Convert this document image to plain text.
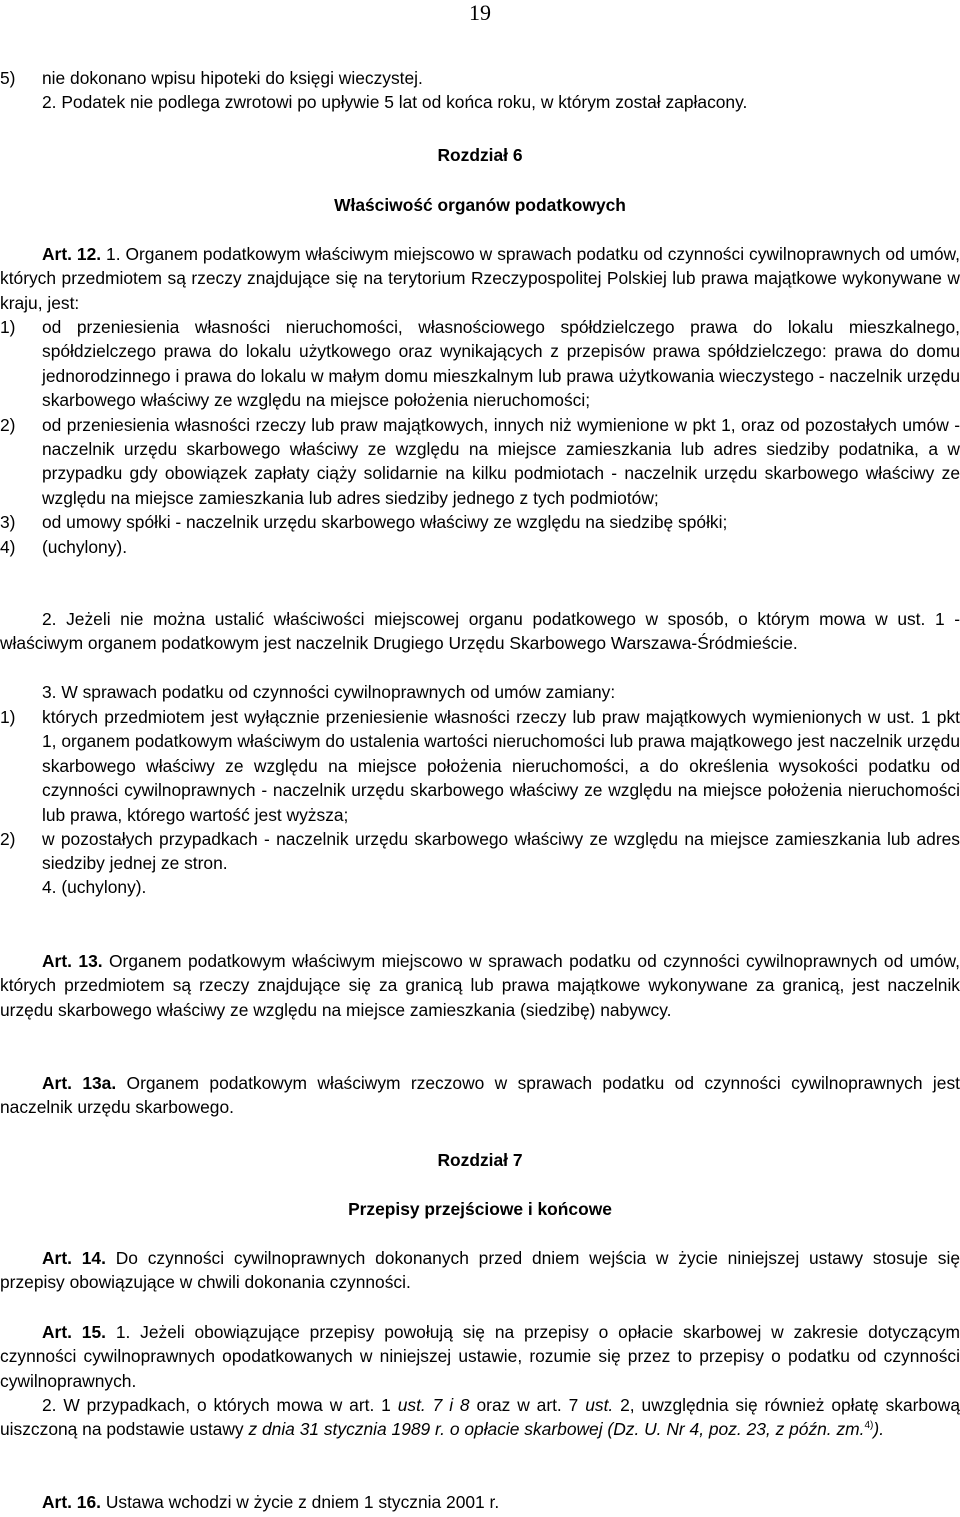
19

5) nie dokonano wpisu hipoteki do księgi wieczystej.

2. Podatek nie podlega zwrotowi po upływie 5 lat od końca roku, w którym został zapłacony.

Rozdział 6

Właściwość organów podatkowych

Art. 12. 1. Organem podatkowym właściwym miejscowo w sprawach podatku od czynności cywilnoprawnych od umów, których przedmiotem są rzeczy znajdujące się na terytorium Rzeczypospolitej Polskiej lub prawa majątkowe wykonywane w kraju, jest:

1) od przeniesienia własności nieruchomości, własnościowego spółdzielczego prawa do lokalu mieszkalnego, spółdzielczego prawa do lokalu użytkowego oraz wynikających z przepisów prawa spółdzielczego: prawa do domu jednorodzinnego i prawa do lokalu w małym domu mieszkalnym lub prawa użytkowania wieczystego - naczelnik urzędu skarbowego właściwy ze względu na miejsce położenia nieruchomości;

2) od przeniesienia własności rzeczy lub praw majątkowych, innych niż wymienione w pkt 1, oraz od pozostałych umów - naczelnik urzędu skarbowego właściwy ze względu na miejsce zamieszkania lub adres siedziby podatnika, a w przypadku gdy obowiązek zapłaty ciąży solidarnie na kilku podmiotach - naczelnik urzędu skarbowego właściwy ze względu na miejsce zamieszkania lub adres siedziby jednego z tych podmiotów;

3) od umowy spółki - naczelnik urzędu skarbowego właściwy ze względu na siedzibę spółki;

4) (uchylony).

2. Jeżeli nie można ustalić właściwości miejscowej organu podatkowego w sposób, o którym mowa w ust. 1 - właściwym organem podatkowym jest naczelnik Drugiego Urzędu Skarbowego Warszawa-Śródmieście.

3. W sprawach podatku od czynności cywilnoprawnych od umów zamiany:

1) których przedmiotem jest wyłącznie przeniesienie własności rzeczy lub praw majątkowych wymienionych w ust. 1 pkt 1, organem podatkowym właściwym do ustalenia wartości nieruchomości lub prawa majątkowego jest naczelnik urzędu skarbowego właściwy ze względu na miejsce położenia nieruchomości, a do określenia wysokości podatku od czynności cywilnoprawnych - naczelnik urzędu skarbowego właściwy ze względu na miejsce położenia nieruchomości lub prawa, którego wartość jest wyższa;

2) w pozostałych przypadkach - naczelnik urzędu skarbowego właściwy ze względu na miejsce zamieszkania lub adres siedziby jednej ze stron.

4. (uchylony).

Art. 13. Organem podatkowym właściwym miejscowo w sprawach podatku od czynności cywilnoprawnych od umów, których przedmiotem są rzeczy znajdujące się za granicą lub prawa majątkowe wykonywane za granicą, jest naczelnik urzędu skarbowego właściwy ze względu na miejsce zamieszkania (siedzibę) nabywcy.

Art. 13a. Organem podatkowym właściwym rzeczowo w sprawach podatku od czynności cywilnoprawnych jest naczelnik urzędu skarbowego.

Rozdział 7

Przepisy przejściowe i końcowe

Art. 14. Do czynności cywilnoprawnych dokonanych przed dniem wejścia w życie niniejszej ustawy stosuje się przepisy obowiązujące w chwili dokonania czynności.

Art. 15. 1. Jeżeli obowiązujące przepisy powołują się na przepisy o opłacie skarbowej w zakresie dotyczącym czynności cywilnoprawnych opodatkowanych w niniejszej ustawie, rozumie się przez to przepisy o podatku od czynności cywilnoprawnych.

2. W przypadkach, o których mowa w art. 1 ust. 7 i 8 oraz w art. 7 ust. 2, uwzględnia się również opłatę skarbową uiszczoną na podstawie ustawy z dnia 31 stycznia 1989 r. o opłacie skarbowej (Dz. U. Nr 4, poz. 23, z późn. zm.$^{4)}$).

Art. 16. Ustawa wchodzi w życie z dniem 1 stycznia 2001 r.
